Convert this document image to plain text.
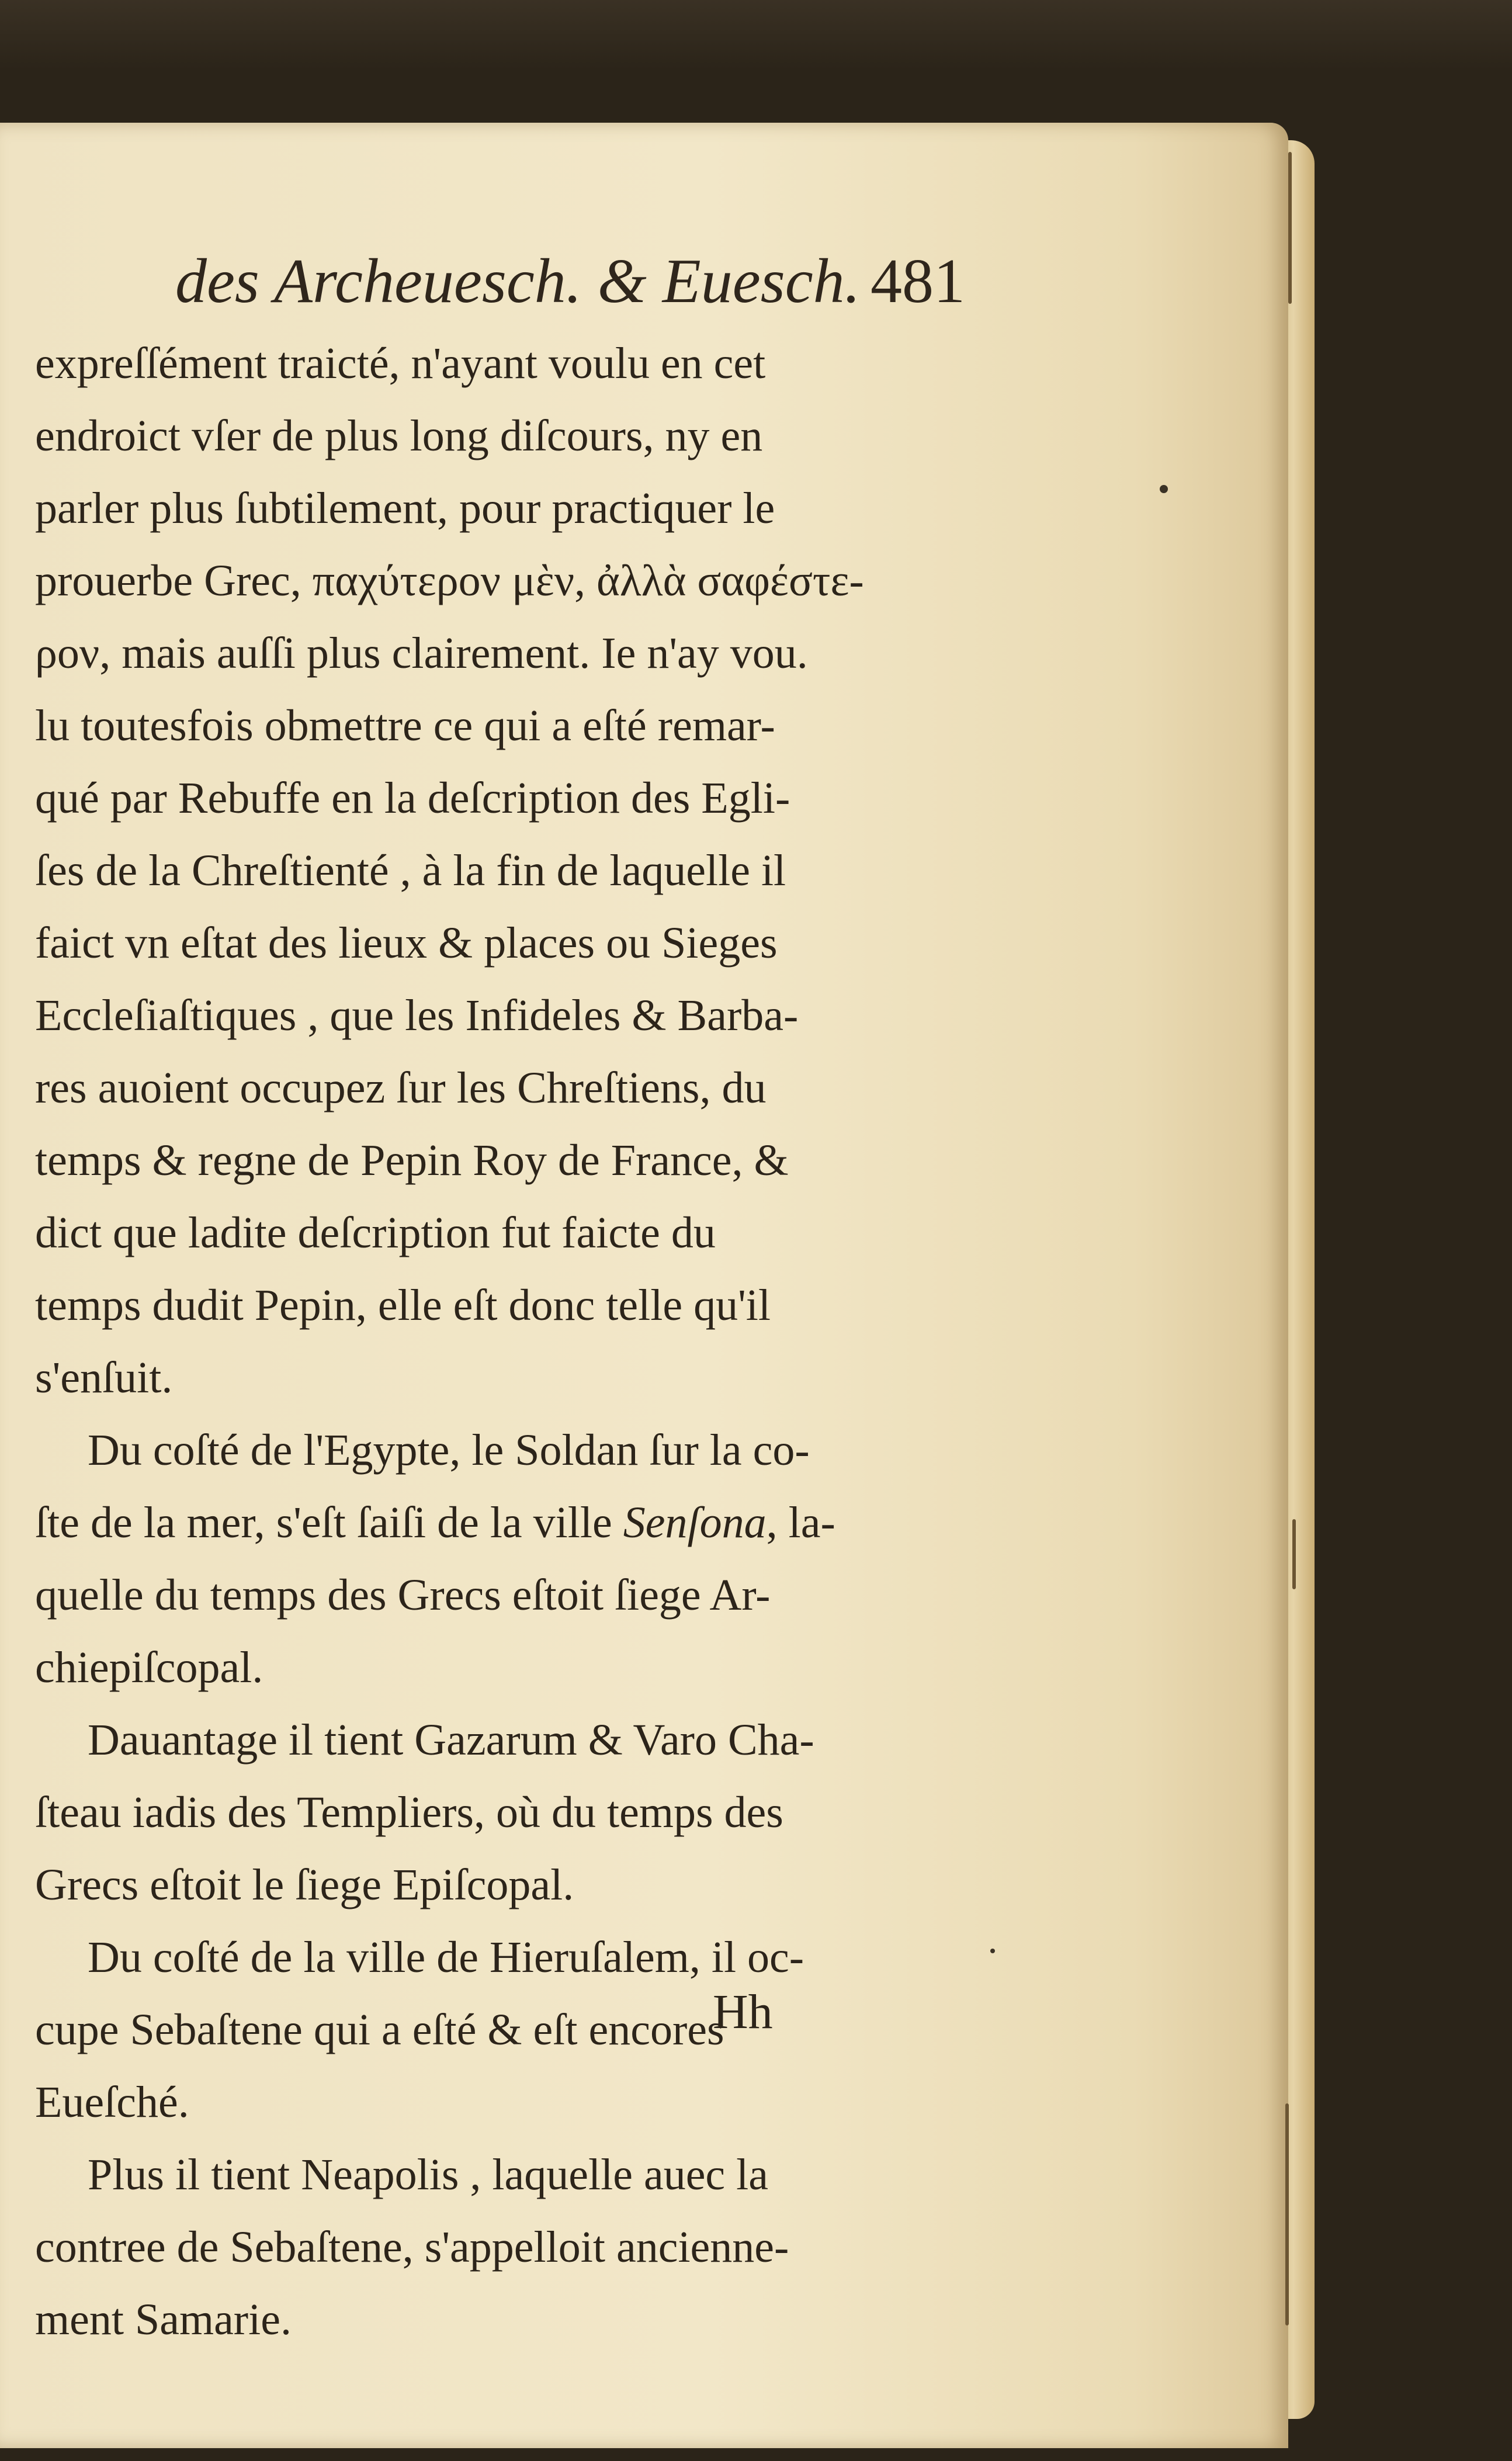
des Archeuesch. & Euesch. 481
expreſſément traicté, n'ayant voulu en cet
endroict vſer de plus long diſcours, ny en
parler plus ſubtilement, pour practiquer le
prouerbe Grec, παχύτερον μὲν, ἀλλὰ σαφέστε-
ρον, mais auſſi plus clairement. Ie n'ay vou.
lu toutesfois obmettre ce qui a eſté remar-
qué par Rebuffe en la deſcription des Egli-
ſes de la Chreſtienté , à la fin de laquelle il
faict vn eſtat des lieux & places ou Sieges
Eccleſiaſtiques , que les Infideles & Barba-
res auoient occupez ſur les Chreſtiens, du
temps & regne de Pepin Roy de France, &
dict que ladite deſcription fut faicte du
temps dudit Pepin, elle eſt donc telle qu'il
s'enſuit.
Du coſté de l'Egypte, le Soldan ſur la co-
ſte de la mer, s'eſt ſaiſi de la ville Senſona, la-
quelle du temps des Grecs eſtoit ſiege Ar-
chiepiſcopal.
Dauantage il tient Gazarum & Varo Cha-
ſteau iadis des Templiers, où du temps des
Grecs eſtoit le ſiege Epiſcopal.
Du coſté de la ville de Hieruſalem, il oc-
cupe Sebaſtene qui a eſté & eſt encores
Eueſché.
Plus il tient Neapolis , laquelle auec la
contree de Sebaſtene, s'appelloit ancienne-
ment Samarie.
Hh
